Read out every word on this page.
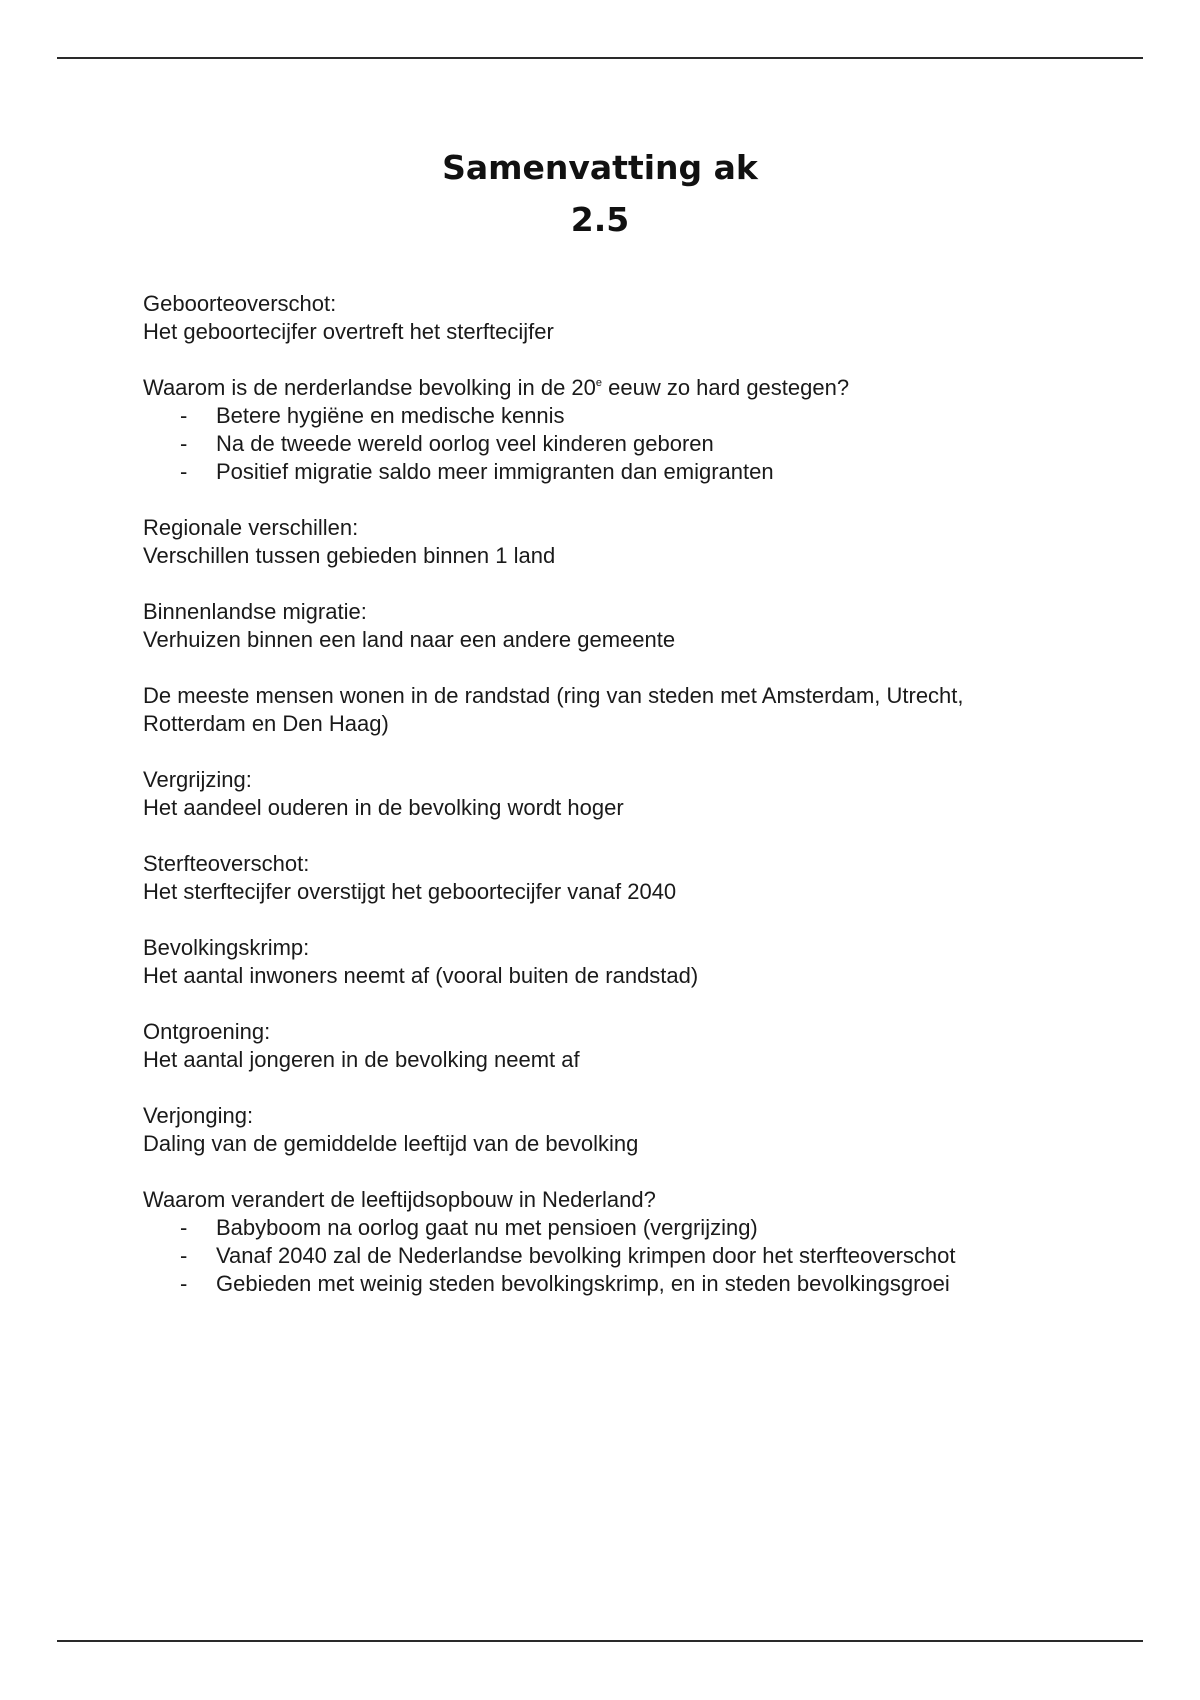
Samenvatting ak
2.5

Geboorteoverschot:

Het geboortecijfer overtreft het sterftecijfer

Waarom is de nerderlandse bevolking in de 20e eeuw zo hard gestegen?

- Betere hygiëne en medische kennis
- Na de tweede wereld oorlog veel kinderen geboren
- Positief migratie saldo meer immigranten dan emigranten

Regionale verschillen:

Verschillen tussen gebieden binnen 1 land

Binnenlandse migratie:

Verhuizen binnen een land naar een andere gemeente

De meeste mensen wonen in de randstad (ring van steden met Amsterdam, Utrecht,

Rotterdam en Den Haag)

Vergrijzing:

Het aandeel ouderen in de bevolking wordt hoger

Sterfteoverschot:

Het sterftecijfer overstijgt het geboortecijfer vanaf 2040

Bevolkingskrimp:

Het aantal inwoners neemt af (vooral buiten de randstad)

Ontgroening:

Het aantal jongeren in de bevolking neemt af

Verjonging:

Daling van de gemiddelde leeftijd van de bevolking

Waarom verandert de leeftijdsopbouw in Nederland?

- Babyboom na oorlog gaat nu met pensioen (vergrijzing)
- Vanaf 2040 zal de Nederlandse bevolking krimpen door het sterfteoverschot
- Gebieden met weinig steden bevolkingskrimp, en in steden bevolkingsgroei
